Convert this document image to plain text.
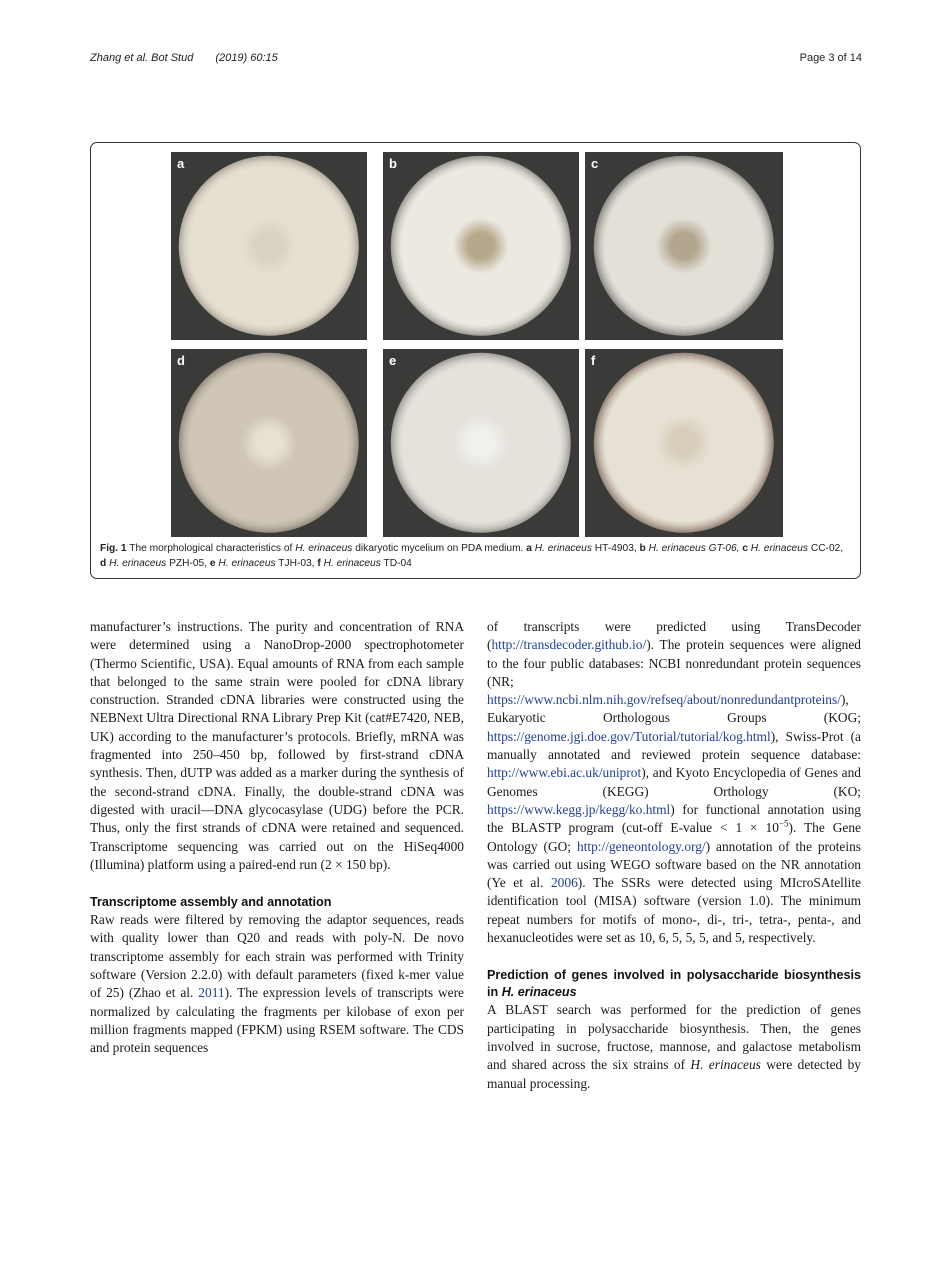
Zhang et al. Bot Stud (2019) 60:15	Page 3 of 14
a	b	c
d	e	f
Fig. 1 The morphological characteristics of H. erinaceus dikaryotic mycelium on PDA medium. a H. erinaceus HT-4903, b H. erinaceus GT-06, c H. erinaceus CC-02, d H. erinaceus PZH-05, e H. erinaceus TJH-03, f H. erinaceus TD-04

manufacturer’s instructions. The purity and concentration of RNA were determined using a NanoDrop-2000 spectrophotometer (Thermo Scientific, USA). Equal amounts of RNA from each sample that belonged to the same strain were pooled for cDNA library construction. Stranded cDNA libraries were constructed using the NEBNext Ultra Directional RNA Library Prep Kit (cat#E7420, NEB, UK) according to the manufacturer’s protocols. Briefly, mRNA was fragmented into 250–450 bp, followed by first-strand cDNA synthesis. Then, dUTP was added as a marker during the synthesis of the second-strand cDNA. Finally, the double-strand cDNA was digested with uracil—DNA glycocasylase (UDG) before the PCR. Thus, only the first strands of cDNA were retained and sequenced. Transcriptome sequencing was carried out on the HiSeq4000 (Illumina) platform using a paired-end run (2 × 150 bp).

Transcriptome assembly and annotation

Raw reads were filtered by removing the adaptor sequences, reads with quality lower than Q20 and reads with poly-N. De novo transcriptome assembly for each strain was performed with Trinity software (Version 2.2.0) with default parameters (fixed k-mer value of 25) (Zhao et al. 2011). The expression levels of transcripts were normalized by calculating the fragments per kilobase of exon per million fragments mapped (FPKM) using RSEM software. The CDS and protein sequences

of transcripts were predicted using TransDecoder (http://transdecoder.github.io/). The protein sequences were aligned to the four public databases: NCBI nonredundant protein sequences (NR; https://www.ncbi.nlm.nih.gov/refseq/about/nonredundantproteins/), Eukaryotic Orthologous Groups (KOG; https://genome.jgi.doe.gov/Tutorial/tutorial/kog.html), Swiss-Prot (a manually annotated and reviewed protein sequence database: http://www.ebi.ac.uk/uniprot), and Kyoto Encyclopedia of Genes and Genomes (KEGG) Orthology (KO; https://www.kegg.jp/kegg/ko.html) for functional annotation using the BLASTP program (cut-off E-value < $1 \times 10^{-5}$). The Gene Ontology (GO; http://geneontology.org/) annotation of the proteins was carried out using WEGO software based on the NR annotation (Ye et al. 2006). The SSRs were detected using MIcroSAtellite identification tool (MISA) software (version 1.0). The minimum repeat numbers for motifs of mono-, di-, tri-, tetra-, penta-, and hexanucleotides were set as 10, 6, 5, 5, 5, and 5, respectively.

Prediction of genes involved in polysaccharide biosynthesis in H. erinaceus

A BLAST search was performed for the prediction of genes participating in polysaccharide biosynthesis. Then, the genes involved in sucrose, fructose, mannose, and galactose metabolism and shared across the six strains of H. erinaceus were detected by manual processing.
